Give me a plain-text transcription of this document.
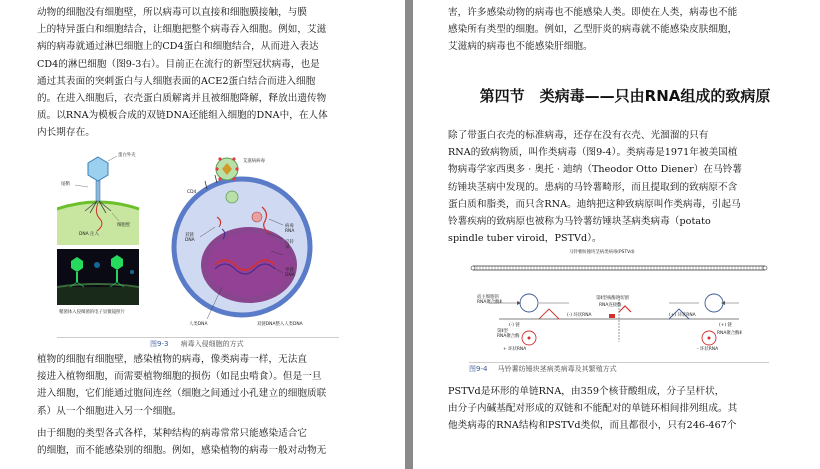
动物的细胞没有细胞壁，所以病毒可以直接和细胞膜接触，与膜
上的特异蛋白和细胞结合，让细胞把整个病毒吞入细胞。例如，艾滋
病的病毒就通过淋巴细胞上的CD4蛋白和细胞结合，从而进入表达
CD4的淋巴细胞（图9-3右）。目前正在流行的新型冠状病毒，也是
通过其表面的突刺蛋白与人细胞表面的ACE2蛋白结合而进入细胞
的。在进入细胞后，衣壳蛋白质解离并且被细胞降解，释放出遗传物
质。以RNA为模板合成的双链DNA还能组入细胞的DNA中，在人体
内长期存在。
蛋白外壳
尾鞘
DNA 注入
细胞壁
噬菌体入侵细菌的电子显微镜照片
艾滋病病毒
CD4
双链 DNA
病毒 RNA
反转录
单链 DNA
人类DNA	双链DNA整入人类DNA
图9-3 病毒入侵细胞的方式
植物的细胞有细胞壁，感染植物的病毒，像类病毒一样，无法直
接进入植物细胞，而需要植物细胞的损伤（如昆虫啃食）。但是一旦
进入细胞，它们能通过胞间连丝（细胞之间通过小孔建立的细胞质联
系）从一个细胞进入另一个细胞。
由于细胞的类型各式各样，某种结构的病毒常常只能感染适合它
的细胞，而不能感染别的细胞。例如，感染植物的病毒一般对动物无
害，许多感染动物的病毒也不能感染人类。即使在人类，病毒也不能
感染所有类型的细胞。例如，乙型肝炎的病毒就不能感染皮肤细胞，
艾滋病的病毒也不能感染肝细胞。
第四节　类病毒——只由RNA组成的致病原
除了带蛋白衣壳的标准病毒，还存在没有衣壳、光溜溜的只有
RNA的致病物质，叫作类病毒（图9-4）。类病毒是1971年被美国植
物病毒学家西奥多 · 奥托 · 迪纳（Theodor Otto Diener）在马铃薯
纺锤块茎病中发现的。患病的马铃薯畸形，而且提取到的致病原不含
蛋白质和脂类，而只含RNA。迪纳把这种致病原叫作类病毒，引起马
铃薯疾病的致病原也被称为马铃薯纺锤块茎病类病毒（potato
spindle tuber viroid，PSTVd）。
马铃薯纺锤块茎病类病毒(PSTVd)
宿主细胞的 RNA聚合酶Ⅱ
(-) 环状RNA	(+) 环状RNA
第Ⅱ型核酶的切割
RNA连接酶
(-) 链	(+) 链
第Ⅱ型 RNA聚合酶
RNA聚合酶Ⅱ
+ 环状RNA	- 环状RNA
图9-4 马铃薯纺锤块茎病类病毒及其繁殖方式
PSTVd是环形的单链RNA，由359个核苷酸组成，分子呈杆状，
由分子内碱基配对形成的双链和不能配对的单链环相间排列组成。其
他类病毒的RNA结构和PSTVd类似，而且都很小，只有246-467个
